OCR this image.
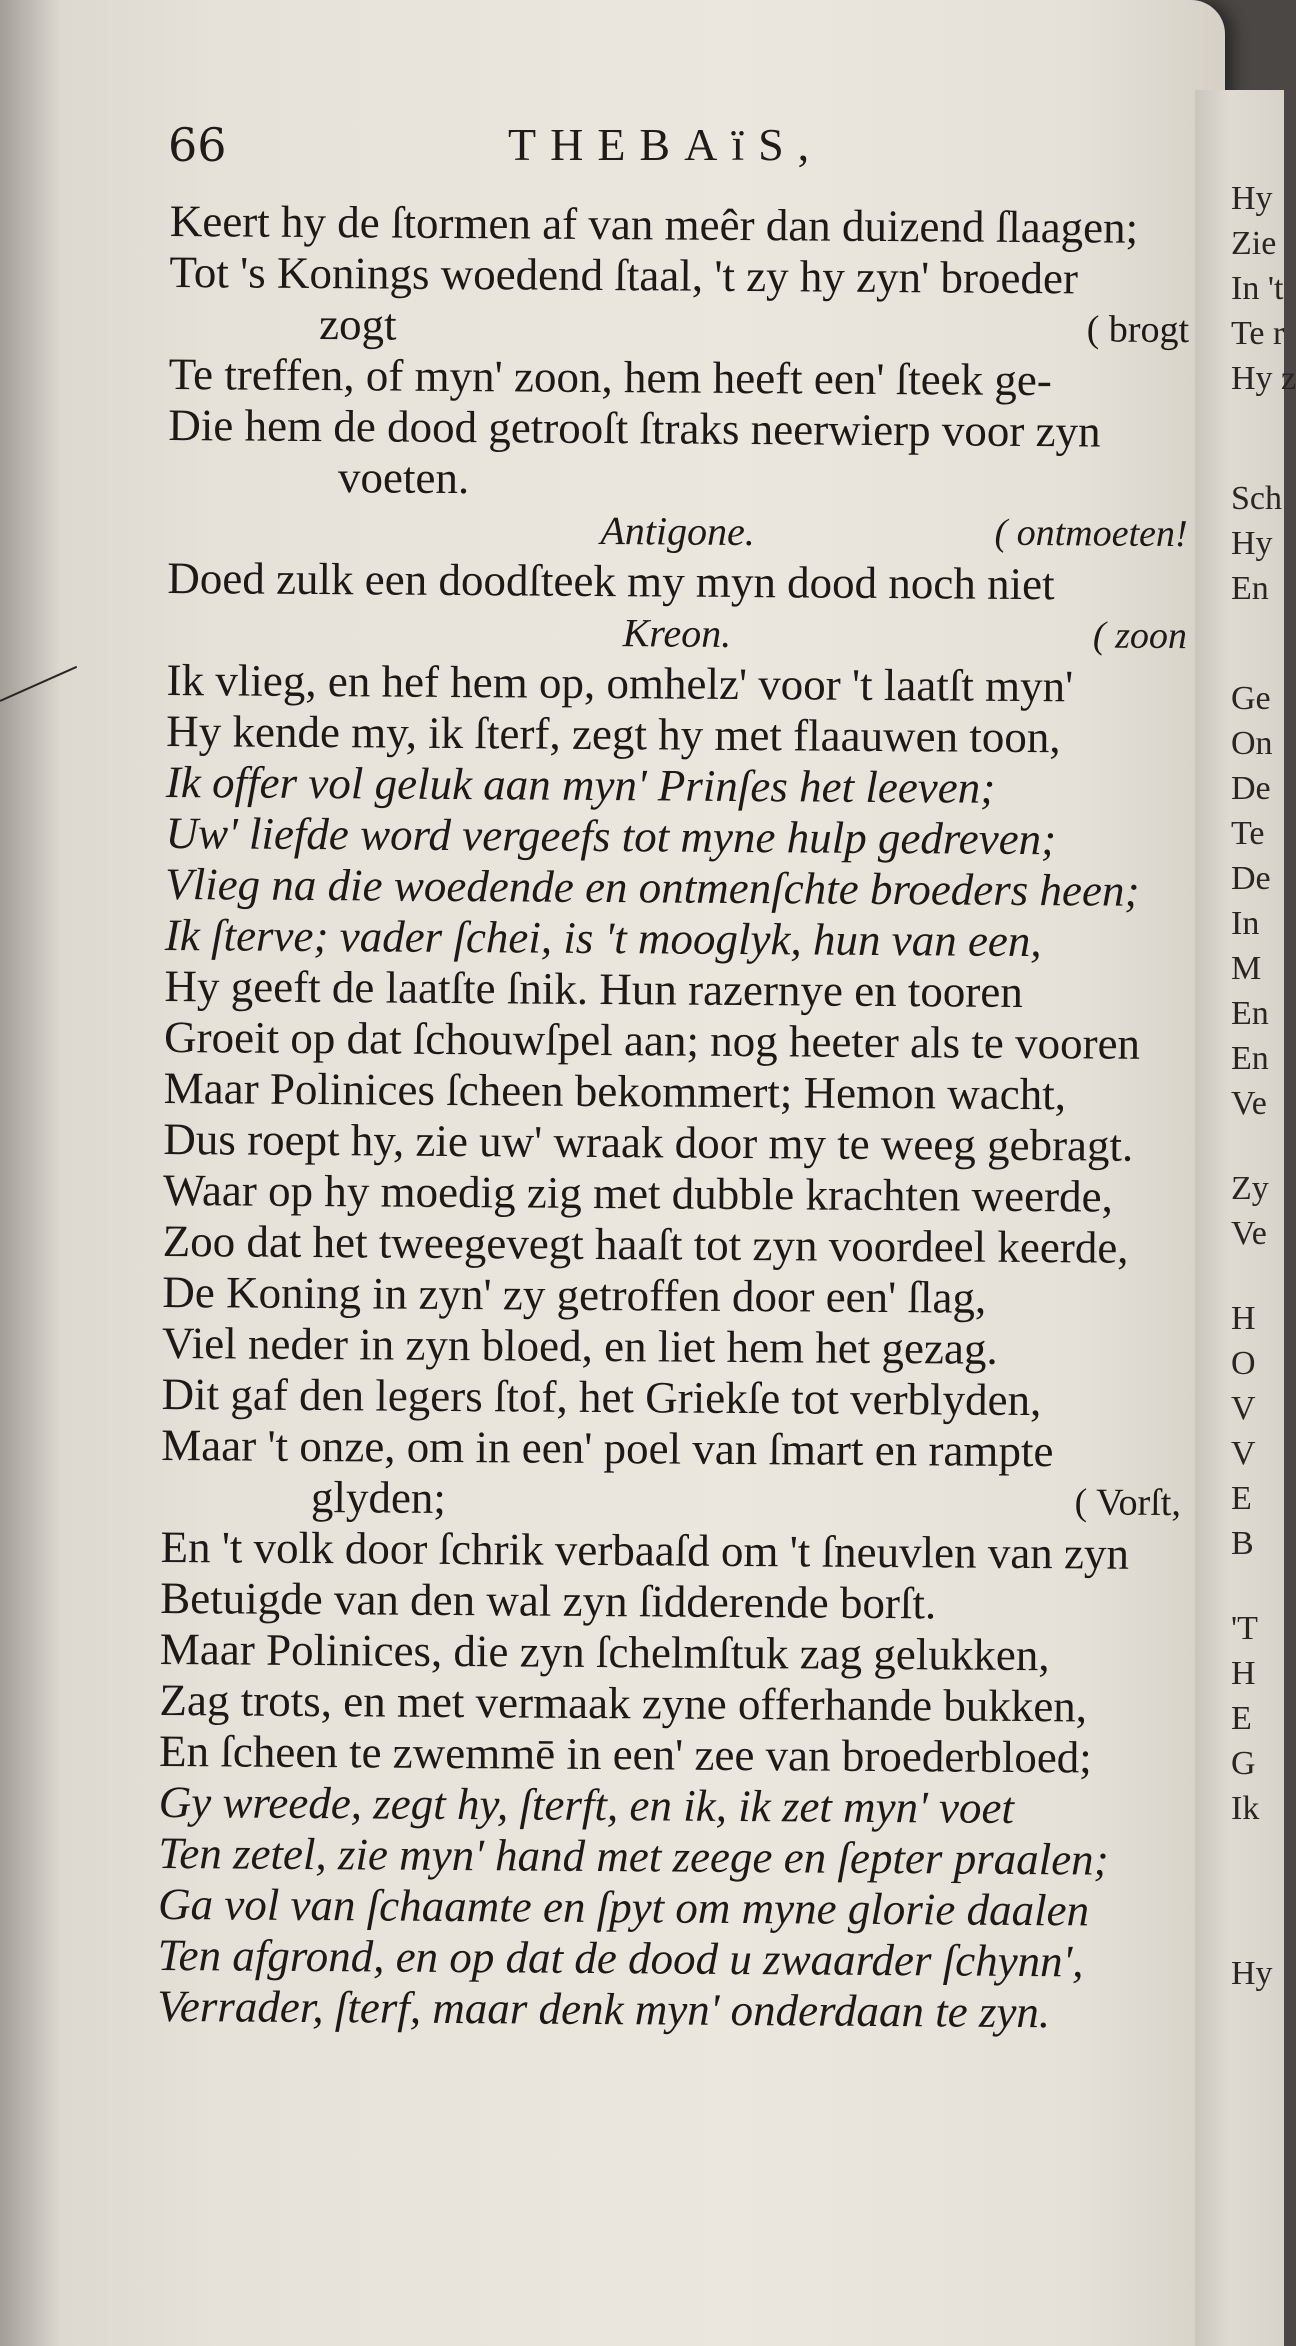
66	THEBAïS,
Keert hy de ſtormen af van meêr dan duizend ſlaagen;
Tot 's Konings woedend ſtaal, 't zy hy zyn' broeder
zogt	( brogt
Te treffen, of myn' zoon, hem heeft een' ſteek ge-
Die hem de dood getrooſt ſtraks neerwierp voor zyn
voeten.
Antigone.	( ontmoeten!
Doed zulk een doodſteek my myn dood noch niet
Kreon.	( zoon
Ik vlieg, en hef hem op, omhelz' voor 't laatſt myn'
Hy kende my, ik ſterf, zegt hy met flaauwen toon,
Ik offer vol geluk aan myn' Prinſes het leeven;
Uw' liefde word vergeefs tot myne hulp gedreven;
Vlieg na die woedende en ontmenſchte broeders heen;
Ik ſterve; vader ſchei, is 't mooglyk, hun van een,
Hy geeft de laatſte ſnik. Hun razernye en tooren
Groeit op dat ſchouwſpel aan; nog heeter als te vooren
Maar Polinices ſcheen bekommert; Hemon wacht,
Dus roept hy, zie uw' wraak door my te weeg gebragt.
Waar op hy moedig zig met dubble krachten weerde,
Zoo dat het tweegevegt haaſt tot zyn voordeel keerde,
De Koning in zyn' zy getroffen door een' ſlag,
Viel neder in zyn bloed, en liet hem het gezag.
Dit gaf den legers ſtof, het Griekſe tot verblyden,
Maar 't onze, om in een' poel van ſmart en rampte
glyden;	( Vorſt,
En 't volk door ſchrik verbaaſd om 't ſneuvlen van zyn
Betuigde van den wal zyn ſidderende borſt.
Maar Polinices, die zyn ſchelmſtuk zag gelukken,
Zag trots, en met vermaak zyne offerhande bukken,
En ſcheen te zwemmē in een' zee van broederbloed;
Gy wreede, zegt hy, ſterft, en ik, ik zet myn' voet
Ten zetel, zie myn' hand met zeege en ſepter praalen;
Ga vol van ſchaamte en ſpyt om myne glorie daalen
Ten afgrond, en op dat de dood u zwaarder ſchynn',
Verrader, ſterf, maar denk myn' onderdaan te zyn.
Hy
Zie
In 't
Te r
Hy z
Sch
Hy
En
Ge
On
De
Te
De
In
M
En
En
Ve
Zy
Ve
H
O
V
V
E
B
'T
H
E
G
Ik
Hy
